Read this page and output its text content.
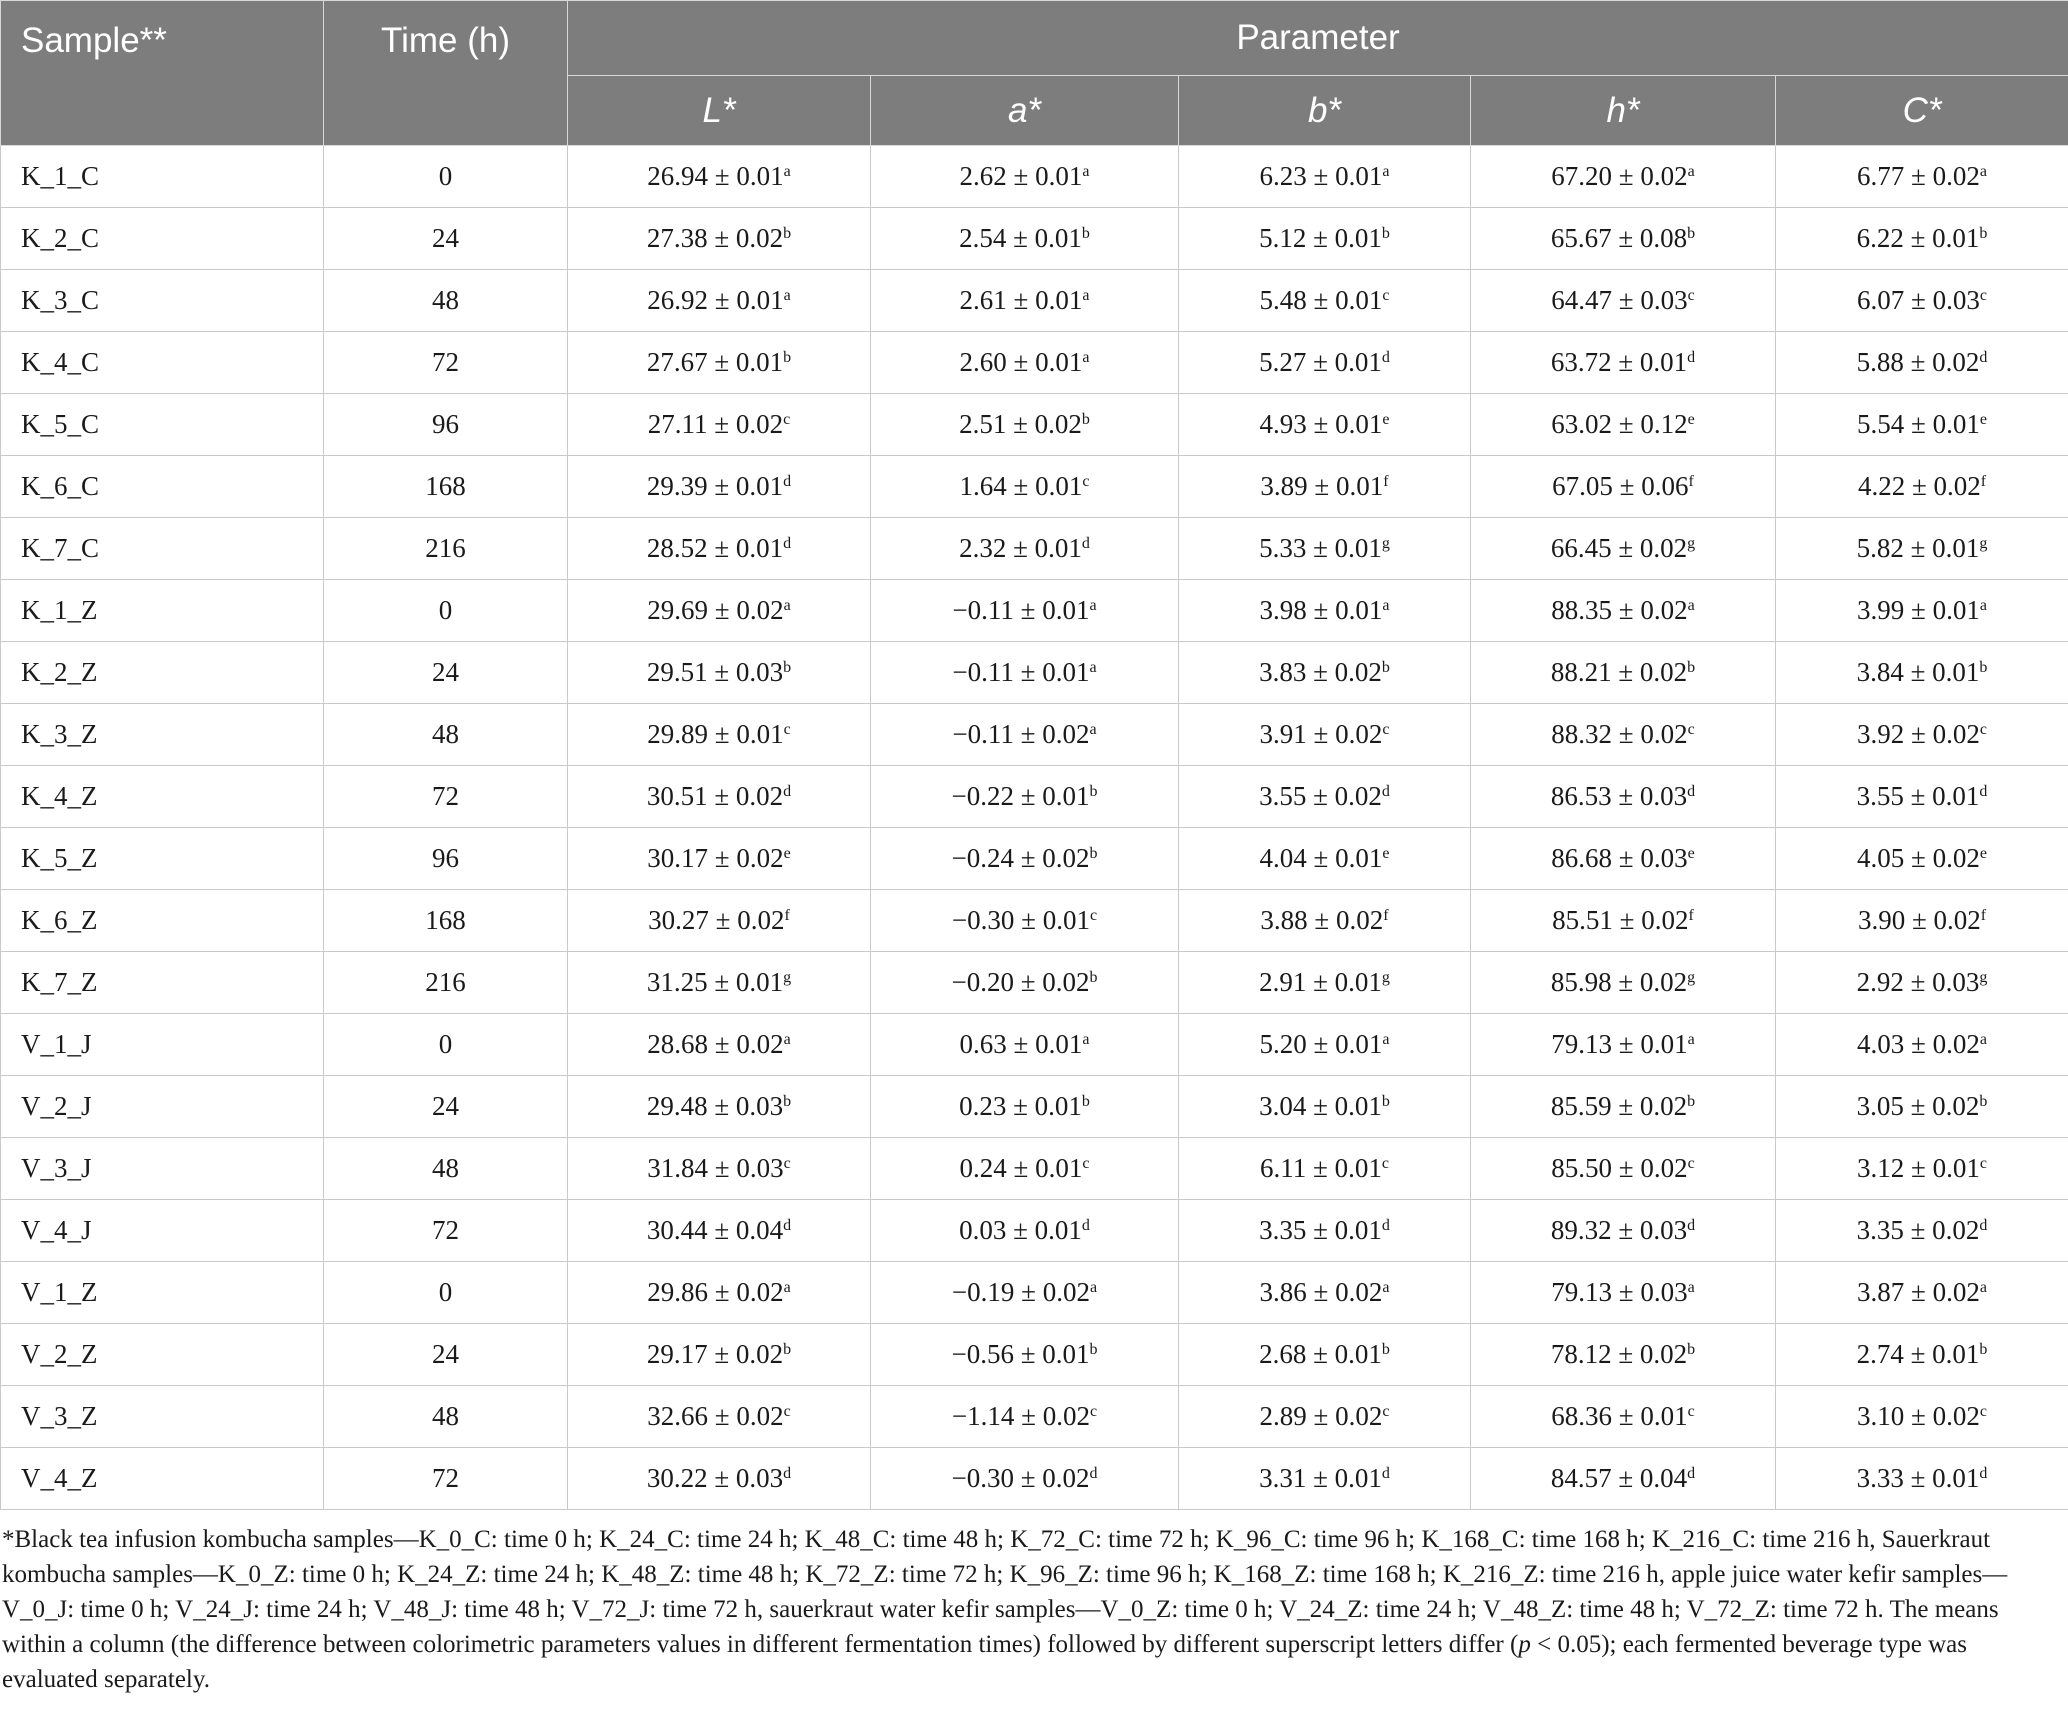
Sample**	Time (h)	Parameter				
		L*	a*	b*	h*	C*
K_1_C	0	26.94 ± 0.01$^a$	2.62 ± 0.01$^a$	6.23 ± 0.01$^a$	67.20 ± 0.02$^a$	6.77 ± 0.02$^a$
K_2_C	24	27.38 ± 0.02$^b$	2.54 ± 0.01$^b$	5.12 ± 0.01$^b$	65.67 ± 0.08$^b$	6.22 ± 0.01$^b$
K_3_C	48	26.92 ± 0.01$^a$	2.61 ± 0.01$^a$	5.48 ± 0.01$^c$	64.47 ± 0.03$^c$	6.07 ± 0.03$^c$
K_4_C	72	27.67 ± 0.01$^b$	2.60 ± 0.01$^a$	5.27 ± 0.01$^d$	63.72 ± 0.01$^d$	5.88 ± 0.02$^d$
K_5_C	96	27.11 ± 0.02$^c$	2.51 ± 0.02$^b$	4.93 ± 0.01$^e$	63.02 ± 0.12$^e$	5.54 ± 0.01$^e$
K_6_C	168	29.39 ± 0.01$^d$	1.64 ± 0.01$^c$	3.89 ± 0.01$^f$	67.05 ± 0.06$^f$	4.22 ± 0.02$^f$
K_7_C	216	28.52 ± 0.01$^d$	2.32 ± 0.01$^d$	5.33 ± 0.01$^g$	66.45 ± 0.02$^g$	5.82 ± 0.01$^g$
K_1_Z	0	29.69 ± 0.02$^a$	−0.11 ± 0.01$^a$	3.98 ± 0.01$^a$	88.35 ± 0.02$^a$	3.99 ± 0.01$^a$
K_2_Z	24	29.51 ± 0.03$^b$	−0.11 ± 0.01$^a$	3.83 ± 0.02$^b$	88.21 ± 0.02$^b$	3.84 ± 0.01$^b$
K_3_Z	48	29.89 ± 0.01$^c$	−0.11 ± 0.02$^a$	3.91 ± 0.02$^c$	88.32 ± 0.02$^c$	3.92 ± 0.02$^c$
K_4_Z	72	30.51 ± 0.02$^d$	−0.22 ± 0.01$^b$	3.55 ± 0.02$^d$	86.53 ± 0.03$^d$	3.55 ± 0.01$^d$
K_5_Z	96	30.17 ± 0.02$^e$	−0.24 ± 0.02$^b$	4.04 ± 0.01$^e$	86.68 ± 0.03$^e$	4.05 ± 0.02$^e$
K_6_Z	168	30.27 ± 0.02$^f$	−0.30 ± 0.01$^c$	3.88 ± 0.02$^f$	85.51 ± 0.02$^f$	3.90 ± 0.02$^f$
K_7_Z	216	31.25 ± 0.01$^g$	−0.20 ± 0.02$^b$	2.91 ± 0.01$^g$	85.98 ± 0.02$^g$	2.92 ± 0.03$^g$
V_1_J	0	28.68 ± 0.02$^a$	0.63 ± 0.01$^a$	5.20 ± 0.01$^a$	79.13 ± 0.01$^a$	4.03 ± 0.02$^a$
V_2_J	24	29.48 ± 0.03$^b$	0.23 ± 0.01$^b$	3.04 ± 0.01$^b$	85.59 ± 0.02$^b$	3.05 ± 0.02$^b$
V_3_J	48	31.84 ± 0.03$^c$	0.24 ± 0.01$^c$	6.11 ± 0.01$^c$	85.50 ± 0.02$^c$	3.12 ± 0.01$^c$
V_4_J	72	30.44 ± 0.04$^d$	0.03 ± 0.01$^d$	3.35 ± 0.01$^d$	89.32 ± 0.03$^d$	3.35 ± 0.02$^d$
V_1_Z	0	29.86 ± 0.02$^a$	−0.19 ± 0.02$^a$	3.86 ± 0.02$^a$	79.13 ± 0.03$^a$	3.87 ± 0.02$^a$
V_2_Z	24	29.17 ± 0.02$^b$	−0.56 ± 0.01$^b$	2.68 ± 0.01$^b$	78.12 ± 0.02$^b$	2.74 ± 0.01$^b$
V_3_Z	48	32.66 ± 0.02$^c$	−1.14 ± 0.02$^c$	2.89 ± 0.02$^c$	68.36 ± 0.01$^c$	3.10 ± 0.02$^c$
V_4_Z	72	30.22 ± 0.03$^d$	−0.30 ± 0.02$^d$	3.31 ± 0.01$^d$	84.57 ± 0.04$^d$	3.33 ± 0.01$^d$

*Black tea infusion kombucha samples—K_0_C: time 0 h; K_24_C: time 24 h; K_48_C: time 48 h; K_72_C: time 72 h; K_96_C: time 96 h; K_168_C: time 168 h; K_216_C: time 216 h, Sauerkraut kombucha samples—K_0_Z: time 0 h; K_24_Z: time 24 h; K_48_Z: time 48 h; K_72_Z: time 72 h; K_96_Z: time 96 h; K_168_Z: time 168 h; K_216_Z: time 216 h, apple juice water kefir samples—V_0_J: time 0 h; V_24_J: time 24 h; V_48_J: time 48 h; V_72_J: time 72 h, sauerkraut water kefir samples—V_0_Z: time 0 h; V_24_Z: time 24 h; V_48_Z: time 48 h; V_72_Z: time 72 h. The means within a column (the difference between colorimetric parameters values in different fermentation times) followed by different superscript letters differ (p < 0.05); each fermented beverage type was evaluated separately.
